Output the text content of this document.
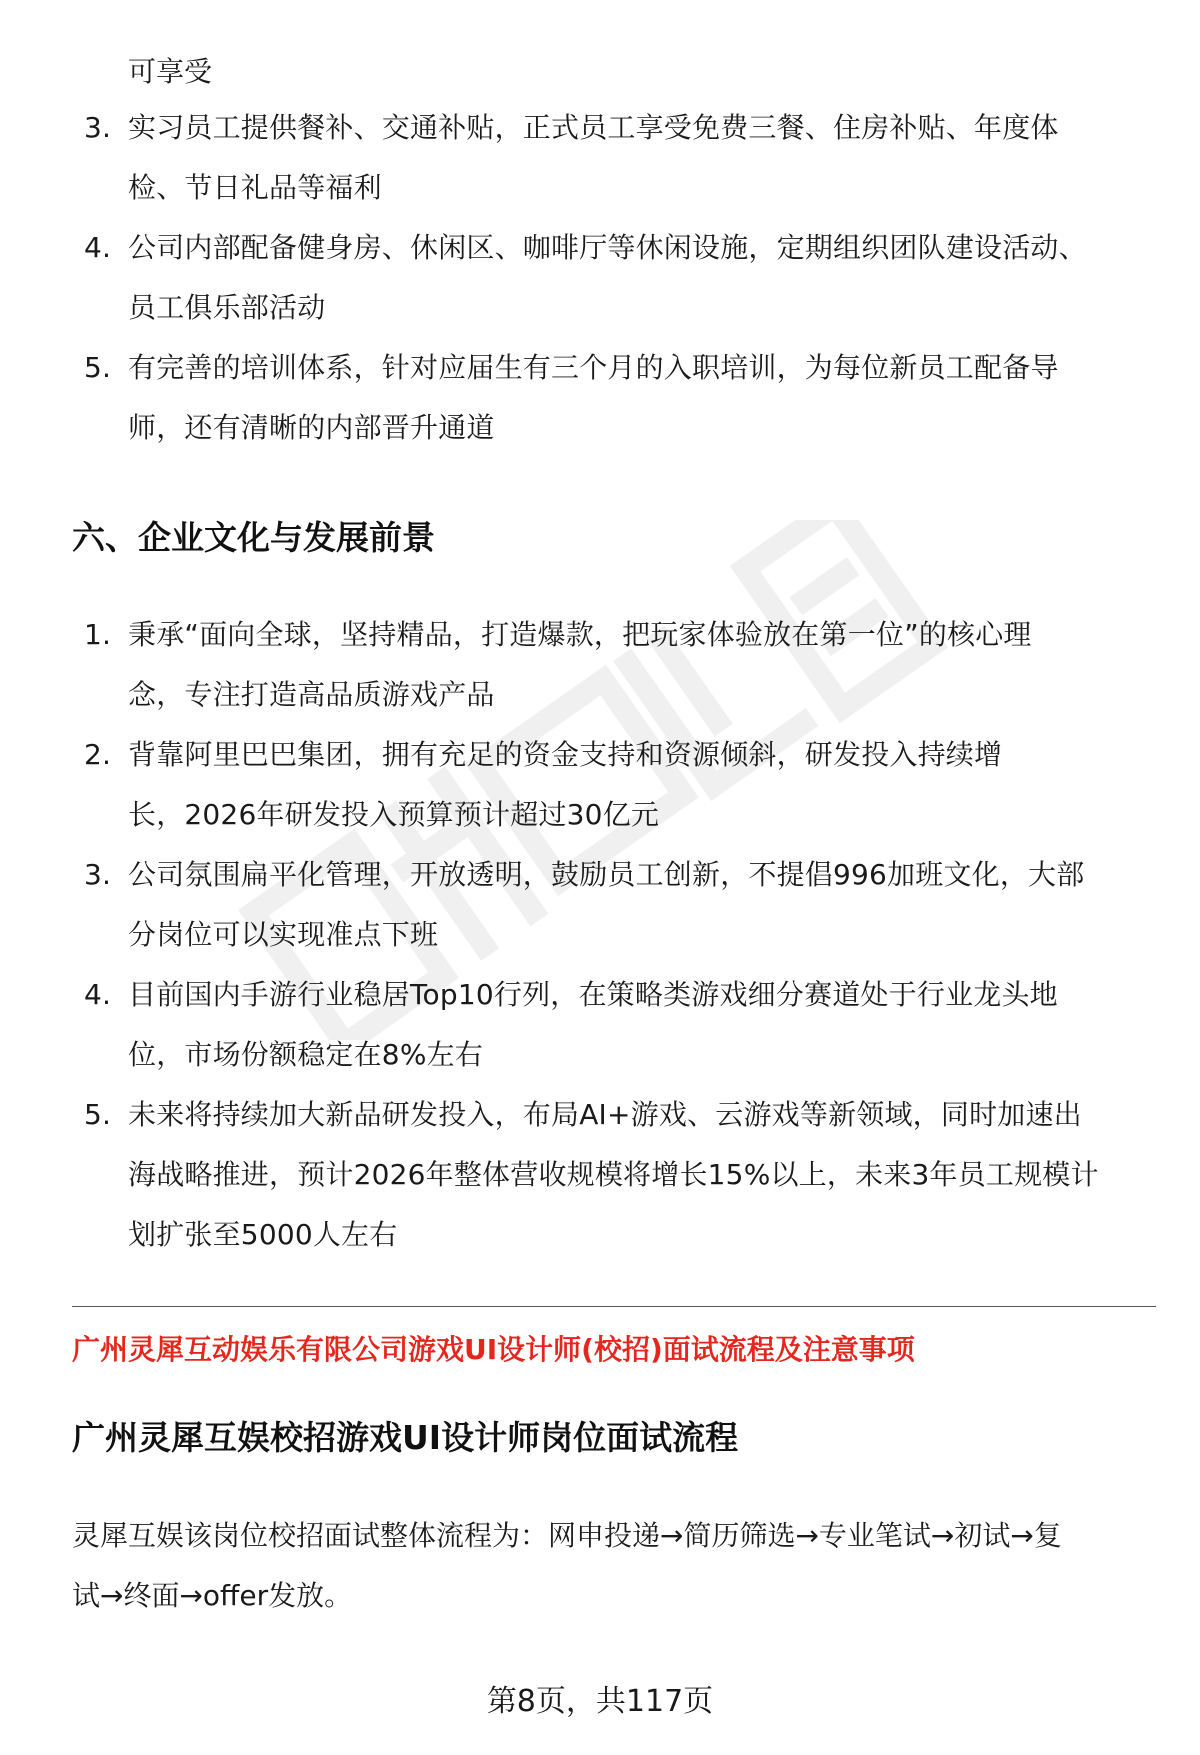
可享受
3. 实习员工提供餐补、交通补贴，正式员工享受免费三餐、住房补贴、年度体
检、节日礼品等福利
4. 公司内部配备健身房、休闲区、咖啡厅等休闲设施，定期组织团队建设活动、
员工俱乐部活动
5. 有完善的培训体系，针对应届生有三个月的入职培训，为每位新员工配备导
师，还有清晰的内部晋升通道
六、企业文化与发展前景
1. 秉承“面向全球，坚持精品，打造爆款，把玩家体验放在第一位”的核心理
念，专注打造高品质游戏产品
2. 背靠阿里巴巴集团，拥有充足的资金支持和资源倾斜，研发投入持续增
长，2026年研发投入预算预计超过30亿元
3. 公司氛围扁平化管理，开放透明，鼓励员工创新，不提倡996加班文化，大部
分岗位可以实现准点下班
4. 目前国内手游行业稳居Top10行列，在策略类游戏细分赛道处于行业龙头地
位，市场份额稳定在8%左右
5. 未来将持续加大新品研发投入，布局AI+游戏、云游戏等新领域，同时加速出
海战略推进，预计2026年整体营收规模将增长15%以上，未来3年员工规模计
划扩张至5000人左右
广州灵犀互动娱乐有限公司游戏UI设计师(校招)面试流程及注意事项
广州灵犀互娱校招游戏UI设计师岗位面试流程
灵犀互娱该岗位校招面试整体流程为：网申投递→简历筛选→专业笔试→初试→复
试→终面→offer发放。
第8页，共117页
